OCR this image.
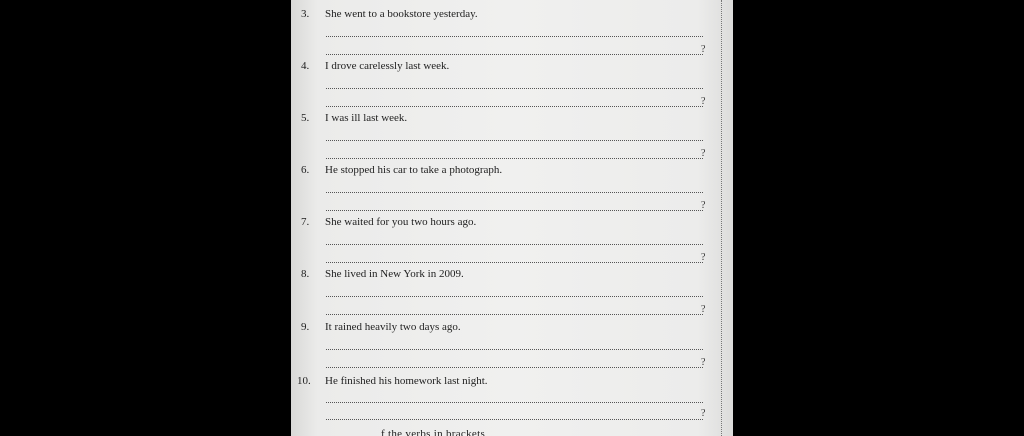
3. She went to a bookstore yesterday.
?
4. I drove carelessly last week.
?
5. I was ill last week.
?
6. He stopped his car to take a photograph.
?
7. She waited for you two hours ago.
?
8. She lived in New York in 2009.
?
9. It rained heavily two days ago.
?
10. He finished his homework last night.
?
f the verbs in brackets
